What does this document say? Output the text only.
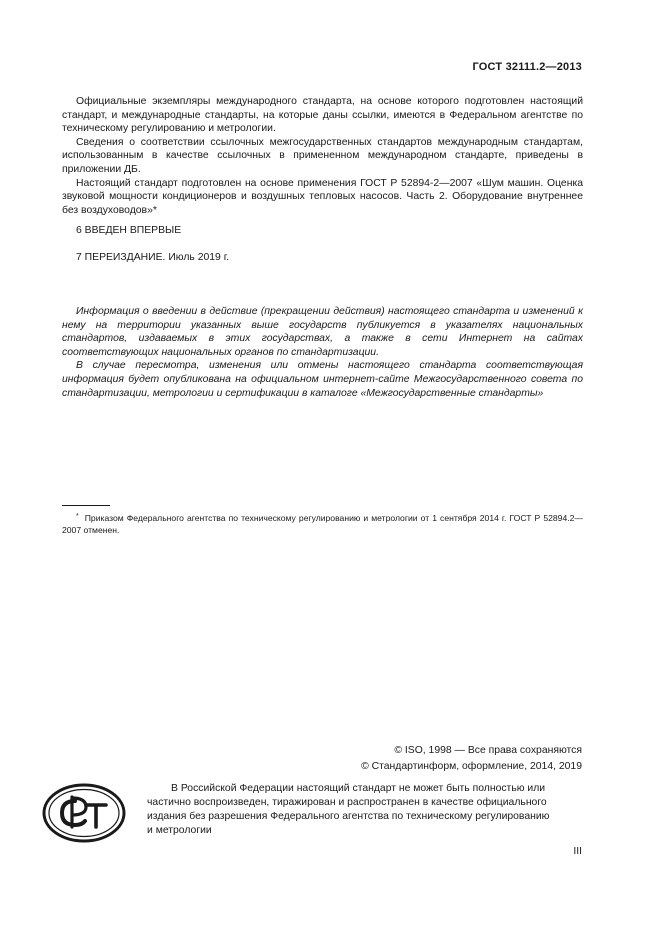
ГОСТ 32111.2—2013

Официальные экземпляры международного стандарта, на основе которого подготовлен настоящий стандарт, и международные стандарты, на которые даны ссылки, имеются в Федеральном агентстве по техническому регулированию и метрологии.

Сведения о соответствии ссылочных межгосударственных стандартов международным стандартам, использованным в качестве ссылочных в примененном международном стандарте, приведены в приложении ДБ.

Настоящий стандарт подготовлен на основе применения ГОСТ Р 52894-2—2007 «Шум машин. Оценка звуковой мощности кондиционеров и воздушных тепловых насосов. Часть 2. Оборудование внутреннее без воздуховодов»*

6 ВВЕДЕН ВПЕРВЫЕ
7 ПЕРЕИЗДАНИЕ. Июль 2019 г.

Информация о введении в действие (прекращении действия) настоящего стандарта и изменений к нему на территории указанных выше государств публикуется в указателях национальных стандартов, издаваемых в этих государствах, а также в сети Интернет на сайтах соответствующих национальных органов по стандартизации.

В случае пересмотра, изменения или отмены настоящего стандарта соответствующая информация будет опубликована на официальном интернет-сайте Межгосударственного совета по стандартизации, метрологии и сертификации в каталоге «Межгосударственные стандарты»

* Приказом Федерального агентства по техническому регулированию и метрологии от 1 сентября 2014 г. ГОСТ Р 52894.2—2007 отменен.
© ISO, 1998 — Все права сохраняются
© Стандартинформ, оформление, 2014, 2019
В Российской Федерации настоящий стандарт не может быть полностью или
частично воспроизведен, тиражирован и распространен в качестве официального
издания без разрешения Федерального агентства по техническому регулированию
и метрологии
III
